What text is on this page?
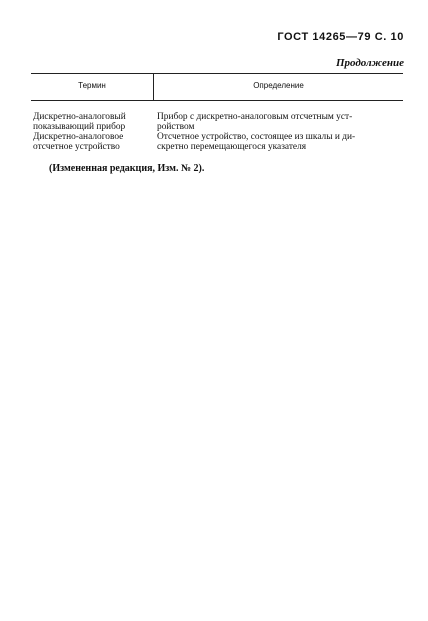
ГОСТ 14265—79 С. 10
Продолжение
Термин	Определение
Дискретно-аналоговый
показывающий прибор
Прибор с дискретно-аналоговым отсчетным уст-
ройством
Дискретно-аналоговое
отсчетное устройство
Отсчетное устройство, состоящее из шкалы и ди-
скретно перемещающегося указателя
(Измененная редакция, Изм. № 2).
